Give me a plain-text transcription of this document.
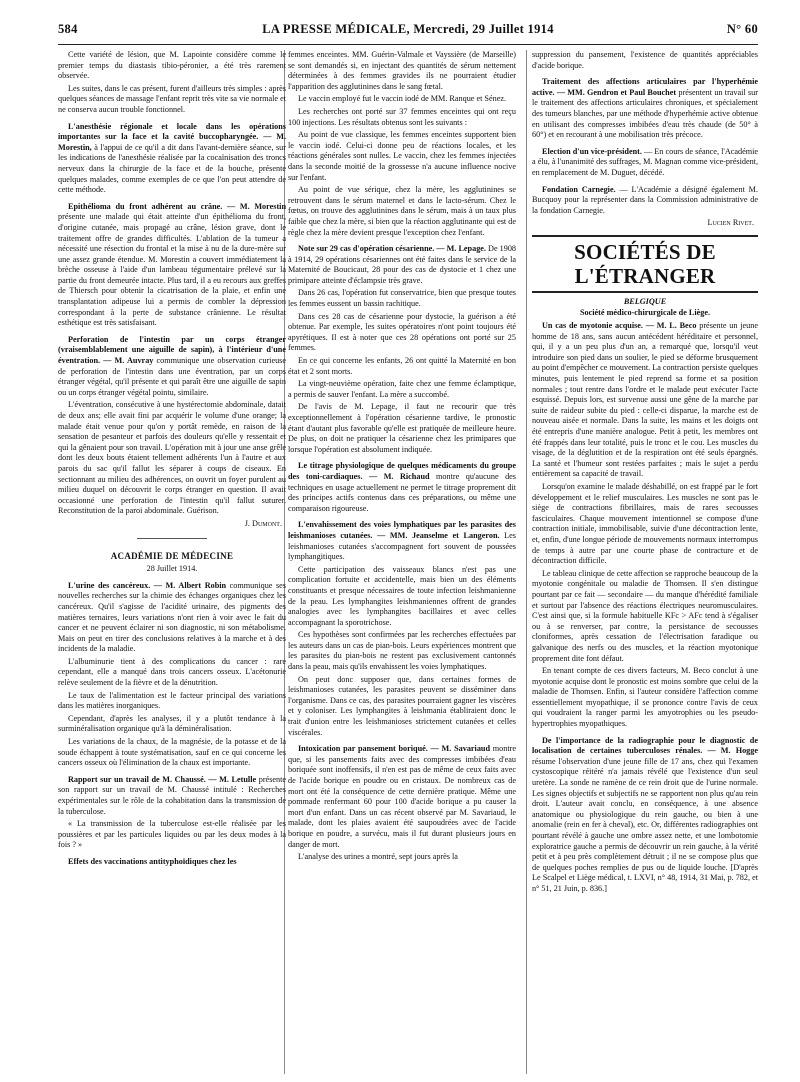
584	LA PRESSE MÉDICALE, Mercredi, 29 Juillet 1914	N° 60

Cette variété de lésion, que M. Lapointe considère comme le premier temps du diastasis tibio-péronier, a été très rarement observée.

Les suites, dans le cas présent, furent d'ailleurs très simples : après quelques séances de massage l'enfant reprit très vite sa vie normale et ne conserva aucun trouble fonctionnel.

L'anesthésie régionale et locale dans les opérations importantes sur la face et la cavité buccopharyngée. — M. Morestin, à l'appui de ce qu'il a dit dans l'avant-dernière séance, sur les indications de l'anesthésie réalisée par la cocaïnisation des troncs nerveux dans la chirurgie de la face et de la bouche, présente quelques malades, comme exemples de ce que l'on peut attendre de cette méthode.

Epithélioma du front adhérent au crâne. — M. Morestin présente une malade qui était atteinte d'un épithélioma du front, d'origine cutanée, mais propagé au crâne, lésion grave, dont le traitement offre de grandes difficultés. L'ablation de la tumeur a nécessité une résection du frontal et la mise à nu de la dure-mère sur une assez grande étendue. M. Morestin a couvert immédiatement la brèche osseuse à l'aide d'un lambeau tégumentaire prélevé sur la partie du front demeurée intacte. Plus tard, il a eu recours aux greffes de Thiersch pour obtenir la cicatrisation de la plaie, et enfin une transplantation adipeuse lui a permis de combler la dépression correspondant à la perte de substance crânienne. Le résultat esthétique est très satisfaisant.

Perforation de l'intestin par un corps étranger (vraisemblablement une aiguille de sapin), à l'intérieur d'une éventration. — M. Auvray communique une observation curieuse de perforation de l'intestin dans une éventration, par un corps étranger végétal, qu'il présente et qui paraît être une aiguille de sapin ou un corps étranger végétal pointu, similaire.

L'éventration, consécutive à une hystérectomie abdominale, datait de deux ans; elle avait fini par acquérir le volume d'une orange; la malade était venue pour qu'on y portât remède, en raison de la sensation de pesanteur et parfois des douleurs qu'elle y ressentait et qui la gênaient pour son travail. L'opération mit à jour une anse grêle dont les deux bouts étaient tellement adhérents l'un à l'autre et aux parois du sac qu'il fallut les séparer à coups de ciseaux. En sectionnant au milieu des adhérences, on ouvrit un foyer purulent au milieu duquel on découvrit le corps étranger en question. Il avait occasionné une perforation de l'intestin qu'il fallut suturer. Reconstitution de la paroi abdominale. Guérison.

J. Dumont.

ACADÉMIE DE MÉDECINE

28 Juillet 1914.

L'urine des cancéreux. — M. Albert Robin communique ses nouvelles recherches sur la chimie des échanges organiques chez les cancéreux. Qu'il s'agisse de l'acidité urinaire, des pigments des matières ternaires, leurs variations n'ont rien à voir avec le fait du cancer et ne peuvent éclairer ni son diagnostic, ni son métabolisme. Mais on peut en tirer des conclusions relatives à la marche et à des incidents de la maladie.

L'albuminurie tient à des complications du cancer : rare cependant, elle a manqué dans trois cancers osseux. L'acétonurie relève seulement de la fièvre et de la dénutrition.

Le taux de l'alimentation est le facteur principal des variations dans les matières inorganiques.

Cependant, d'après les analyses, il y a plutôt tendance à la surminéralisation organique qu'à la déminéralisation.

Les variations de la chaux, de la magnésie, de la potasse et de la soude échappent à toute systématisation, sauf en ce qui concerne les cancers osseux où l'élimination de la chaux est importante.

Rapport sur un travail de M. Chaussé. — M. Letulle présente son rapport sur un travail de M. Chaussé intitulé : Recherches expérimentales sur le rôle de la cohabitation dans la transmission de la tuberculose.

« La transmission de la tuberculose est-elle réalisée par les poussières et par les particules liquides ou par les deux modes à la fois ? »

Effets des vaccinations antityphoïdiques chez les

femmes enceintes. MM. Guérin-Valmale et Vayssière (de Marseille) se sont demandés si, en injectant des quantités de sérum nettement déterminées à des femmes gravides ils ne pourraient étudier l'apparition des agglutinines dans le sang fœtal.

Le vaccin employé fut le vaccin iodé de MM. Ranque et Sénez.

Les recherches ont porté sur 37 femmes enceintes qui ont reçu 100 injections. Les résultats obtenus sont les suivants :

Au point de vue classique, les femmes enceintes supportent bien le vaccin iodé. Celui-ci donne peu de réactions locales, et les réactions générales sont nulles. Le vaccin, chez les femmes injectées dans la seconde moitié de la grossesse n'a aucune influence nocive sur l'enfant.

Au point de vue sérique, chez la mère, les agglutinines se retrouvent dans le sérum maternel et dans le lacto-sérum. Chez le fœtus, on trouve des agglutinines dans le sérum, mais à un taux plus faible que chez la mère, si bien que la réaction agglutinante qui est de règle chez la mère devient presque l'exception chez l'enfant.

Note sur 29 cas d'opération césarienne. — M. Lepage. De 1908 à 1914, 29 opérations césariennes ont été faites dans le service de la Maternité de Boucicaut, 28 pour des cas de dystocie et 1 chez une primipare atteinte d'éclampsie très grave.

Dans 26 cas, l'opération fut conservatrice, bien que presque toutes les femmes eussent un bassin rachitique.

Dans ces 28 cas de césarienne pour dystocie, la guérison a été obtenue. Par exemple, les suites opératoires n'ont point toujours été apyrétiques. Il est à noter que ces 28 opérations ont porté sur 25 femmes.

En ce qui concerne les enfants, 26 ont quitté la Maternité en bon état et 2 sont morts.

La vingt-neuvième opération, faite chez une femme éclamptique, a permis de sauver l'enfant. La mère a succombé.

De l'avis de M. Lepage, il faut ne recourir que très exceptionnellement à l'opération césarienne tardive, le pronostic étant d'autant plus favorable qu'elle est pratiquée de meilleure heure. De plus, on doit ne pratiquer la césarienne chez les primipares que lorsque l'opération est absolument indiquée.

Le titrage physiologique de quelques médicaments du groupe des toni-cardiaques. — M. Richaud montre qu'aucune des techniques en usage actuellement ne permet le titrage proprement dit des principes actifs contenus dans ces préparations, ou même une comparaison rigoureuse.

L'envahissement des voies lymphatiques par les parasites des leishmanioses cutanées. — MM. Jeanselme et Langeron. Les leishmanioses cutanées s'accompagnent fort souvent de poussées lymphangitiques.

Cette participation des vaisseaux blancs n'est pas une complication fortuite et accidentelle, mais bien un des éléments constituants et presque nécessaires de toute infection leishmanienne de la peau. Les lymphangites leishmaniennes offrent de grandes analogies avec les lymphangites bacillaires et avec celles accompagnant la sporotrichose.

Ces hypothèses sont confirmées par les recherches effectuées par les auteurs dans un cas de pian-bois. Leurs expériences montrent que les parasites du pian-bois ne restent pas exclusivement cantonnés dans la peau, mais qu'ils envahissent les voies lymphatiques.

On peut donc supposer que, dans certaines formes de leishmanioses cutanées, les parasites peuvent se disséminer dans l'organisme. Dans ce cas, des parasites pourraient gagner les viscères et y coloniser. Les lymphangites à leishmania établiraient donc le trait d'union entre les leishmanioses strictement cutanées et celles viscérales.

Intoxication par pansement boriqué. — M. Savariaud montre que, si les pansements faits avec des compresses imbibées d'eau boriquée sont inoffensifs, il n'en est pas de même de ceux faits avec de l'acide borique en poudre ou en cristaux. De nombreux cas de mort ont été la conséquence de cette dernière pratique. Même une pommade renfermant 60 pour 100 d'acide borique a pu causer la mort d'un enfant. Dans un cas récent observé par M. Savariaud, le malade, dont les plaies avaient été saupoudrées avec de l'acide borique en poudre, a survécu, mais il fut durant plusieurs jours en danger de mort.

L'analyse des urines a montré, sept jours après la

suppression du pansement, l'existence de quantités appréciables d'acide borique.

Traitement des affections articulaires par l'hyperhémie active. — MM. Gendron et Paul Bouchet présentent un travail sur le traitement des affections articulaires chroniques, et spécialement des tumeurs blanches, par une méthode d'hyperhémie active obtenue en utilisant des compresses imbibées d'eau très chaude (de 50° à 60°) et en recourant à une mobilisation très précoce.

Election d'un vice-président. — En cours de séance, l'Académie a élu, à l'unanimité des suffrages, M. Magnan comme vice-président, en remplacement de M. Duguet, décédé.

Fondation Carnegie. — L'Académie a désigné également M. Bucquoy pour la représenter dans la Commission administrative de la fondation Carnegie.

Lucien Rivet.

SOCIÉTÉS DE L'ÉTRANGER

BELGIQUE

Société médico-chirurgicale de Liège.

Un cas de myotonie acquise. — M. L. Beco présente un jeune homme de 18 ans, sans aucun antécédent héréditaire et personnel, qui, il y a un peu plus d'un an, a remarqué que, lorsqu'il veut introduire son pied dans un soulier, le pied se déforme brusquement au point d'empêcher ce mouvement. La contraction persiste quelques minutes, puis lentement le pied reprend sa forme et sa position normales ; tout rentre dans l'ordre et le malade peut exécuter l'acte esquissé. Depuis lors, est survenue aussi une gêne de la marche par suite de raideur subite du pied : celle-ci disparue, la marche est de nouveau aisée et normale. Dans la suite, les mains et les doigts ont été entrepris d'une manière analogue. Petit à petit, les membres ont été frappés dans leur totalité, puis le tronc et le cou. Les muscles du visage, de la déglutition et de la respiration ont été seuls épargnés. La santé et l'humeur sont restées parfaites ; mais le sujet a perdu entièrement sa capacité de travail.

Lorsqu'on examine le malade déshabillé, on est frappé par le fort développement et le relief musculaires. Les muscles ne sont pas le siège de contractions fibrillaires, mais de rares secousses fasciculaires. Chaque mouvement intentionnel se compose d'une contraction initiale, immobilisable, suivie d'une décontraction lente, et, enfin, d'une longue période de mouvements normaux interrompus de temps à autre par une courte phase de contracture et de décontraction difficile.

Le tableau clinique de cette affection se rapproche beaucoup de la myotonie congénitale ou maladie de Thomsen. Il s'en distingue pourtant par ce fait — secondaire — du manque d'hérédité familiale et surtout par l'absence des réactions électriques neuromusculaires. C'est ainsi que, si la formule habituelle KFc > AFc tend à s'égaliser ou à se renverser, par contre, la persistance de secousses cloniformes, après cessation de l'électrisation faradique ou galvanique des nerfs ou des muscles, et la réaction myotonique proprement dite font défaut.

En tenant compte de ces divers facteurs, M. Beco conclut à une myotonie acquise dont le pronostic est moins sombre que celui de la maladie de Thomsen. Enfin, si l'auteur considère l'affection comme essentiellement myopathique, il se prononce contre l'avis de ceux qui voudraient la ranger parmi les amyotrophies ou les pseudo-hypertrophies myopathiques.

De l'importance de la radiographie pour le diagnostic de localisation de certaines tuberculoses rénales. — M. Hogge résume l'observation d'une jeune fille de 17 ans, chez qui l'examen cystoscopique réitéré n'a jamais révélé que l'existence d'un seul uretère. La sonde ne ramène de ce rein droit que de l'urine normale. Les signes objectifs et subjectifs ne se rapportent non plus qu'au rein droit. L'auteur avait conclu, en conséquence, à une absence anatomique ou physiologique du rein gauche, ou bien à une anomalie (rein en fer à cheval), etc. Or, différentes radiographies ont pourtant révélé à gauche une ombre assez nette, et une lombotomie exploratrice gauche a permis de découvrir un rein gauche, à la vérité petit et à peu près complètement détruit ; il ne se compose plus que de quelques poches remplies de pus ou de liquide louche. [D'après Le Scalpel et Liège médical, t. LXVI, n° 48, 1914, 31 Mai, p. 782, et n° 51, 21 Juin, p. 836.]
